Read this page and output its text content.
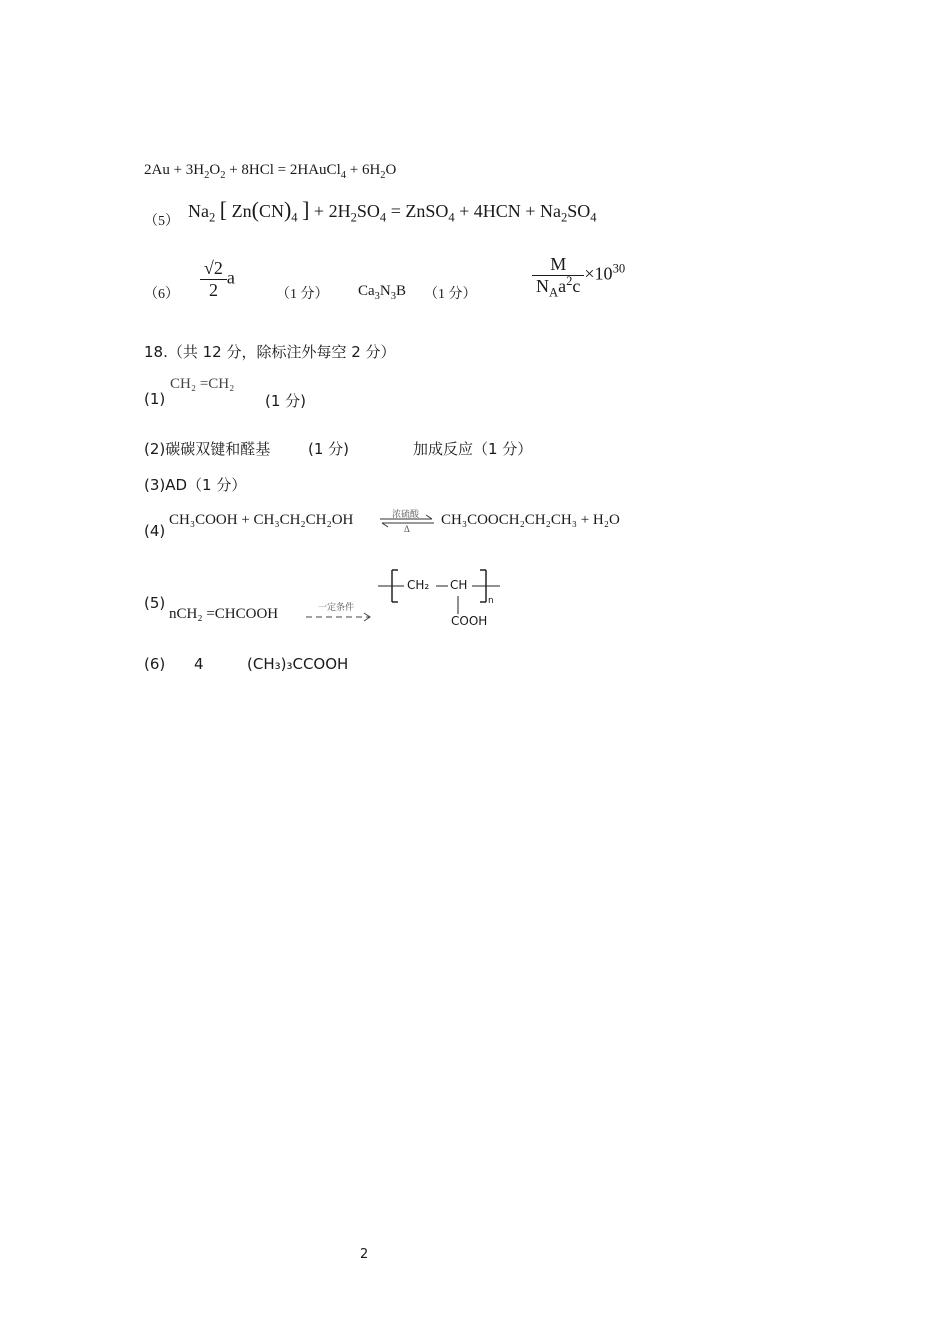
$2Au + 3H_2O_2 + 8HCl$ = 2HAuCl$_4$ + $6H_2O$
（5）
$Na_2$ [ $Zn(CN)_4$ ] + $2H_2SO_4$ = ZnSO$_4$ + $4HCN + Na_2SO_4$
$(6) \frac{√2}{2}$ a
（1 分） $Ca_3N_3B$ （1 分）	$\frac{M}{N_Aa^2c} \times 10^{30}$
18.（共 12 分，除标注外每空 2 分）
(1)
CH₂ =CH₂
(1 分)
(2)碳碳双键和醛基	(1 分)	加成反应（1 分）
(3)AD（1 分）
(4)
CH₃COOH + CH₃CH₂CH₂OH	浓硫酸
Δ
CH₃COOCH₂CH₂CH₃ + H₂O
(5)
nCH₂ =CHCOOH	一定条件
CH₂ CH
n
COOH
(6) 4	(CH₃)₃CCOOH
2
